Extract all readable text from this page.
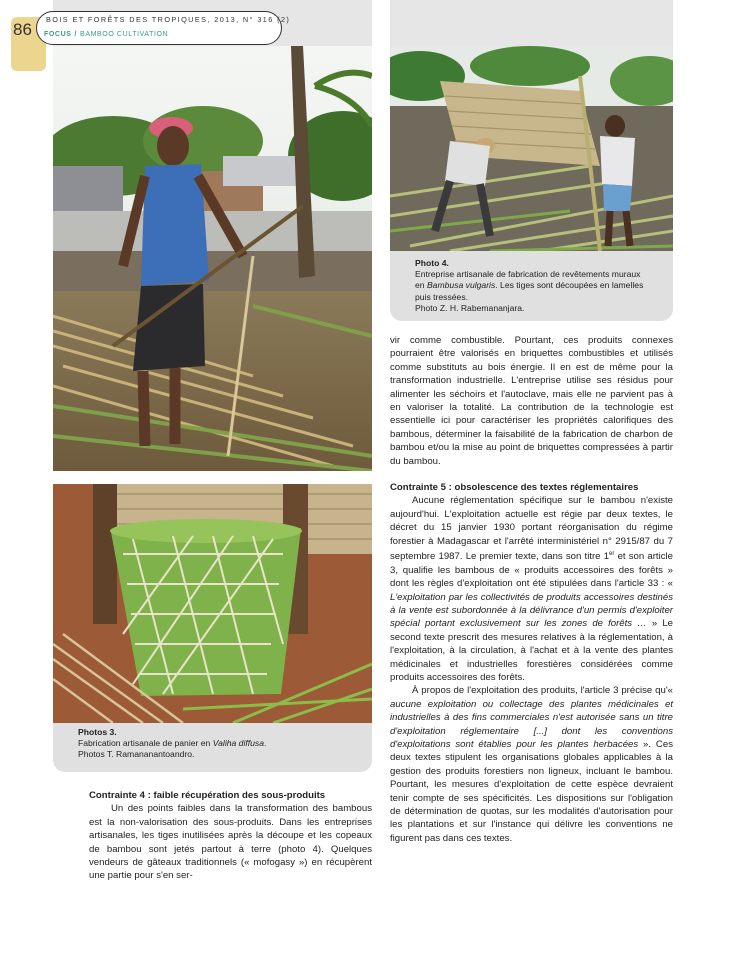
86
BOIS ET FORÊTS DES TROPIQUES, 2013, N° 316 (2)
FOCUS / BAMBOO CULTIVATION
Photos 3.
Fabrication artisanale de panier en Valiha diffusa.
Photos T. Ramananantoandro.
Photo 4.
Entreprise artisanale de fabrication de revêtements muraux
en Bambusa vulgaris. Les tiges sont découpées en lamelles
puis tressées.
Photo Z. H. Rabemananjara.
Contrainte 4 : faible récupération des sous-produits

Un des points faibles dans la transformation des bambous est la non-valorisation des sous-produits. Dans les entreprises artisanales, les tiges inutilisées après la découpe et les copeaux de bambou sont jetés partout à terre (photo 4). Quelques vendeurs de gâteaux traditionnels (« mofogasy ») en récupèrent une partie pour s'en ser-

vir comme combustible. Pourtant, ces produits connexes pourraient être valorisés en briquettes combustibles et utilisés comme substituts au bois énergie. Il en est de même pour la transformation industrielle. L'entreprise utilise ses résidus pour alimenter les séchoirs et l'autoclave, mais elle ne parvient pas à en valoriser la totalité. La contribution de la technologie est essentielle ici pour caractériser les propriétés calorifiques des bambous, déterminer la faisabilité de la fabrication de charbon de bambou et/ou la mise au point de briquettes compressées à partir du bambou.

Contrainte 5 : obsolescence des textes réglementaires

Aucune réglementation spécifique sur le bambou n'existe aujourd'hui. L'exploitation actuelle est régie par deux textes, le décret du 15 janvier 1930 portant réorganisation du régime forestier à Madagascar et l'arrêté interministériel n° 2915/87 du 7 septembre 1987. Le premier texte, dans son titre 1er et son article 3, qualifie les bambous de « produits accessoires des forêts » dont les règles d'exploitation ont été stipulées dans l'article 33 : « L'exploitation par les collectivités de produits accessoires destinés à la vente est subordonnée à la délivrance d'un permis d'exploiter spécial portant exclusivement sur les zones de forêts … » Le second texte prescrit des mesures relatives à la réglementation, à l'exploitation, à la circulation, à l'achat et à la vente des plantes médicinales et industrielles forestières considérées comme produits accessoires des forêts.

À propos de l'exploitation des produits, l'article 3 précise qu'« aucune exploitation ou collectage des plantes médicinales et industrielles à des fins commerciales n'est autorisée sans un titre d'exploitation réglementaire [...] dont les conventions d'exploitations sont établies pour les plantes herbacées ». Ces deux textes stipulent les organisations globales applicables à la gestion des produits forestiers non ligneux, incluant le bambou. Pourtant, les mesures d'exploitation de cette espèce devraient tenir compte de ses spécificités. Les dispositions sur l'obligation de détermination de quotas, sur les modalités d'autorisation pour les plantations et sur l'instance qui délivre les conventions ne figurent pas dans ces textes.
